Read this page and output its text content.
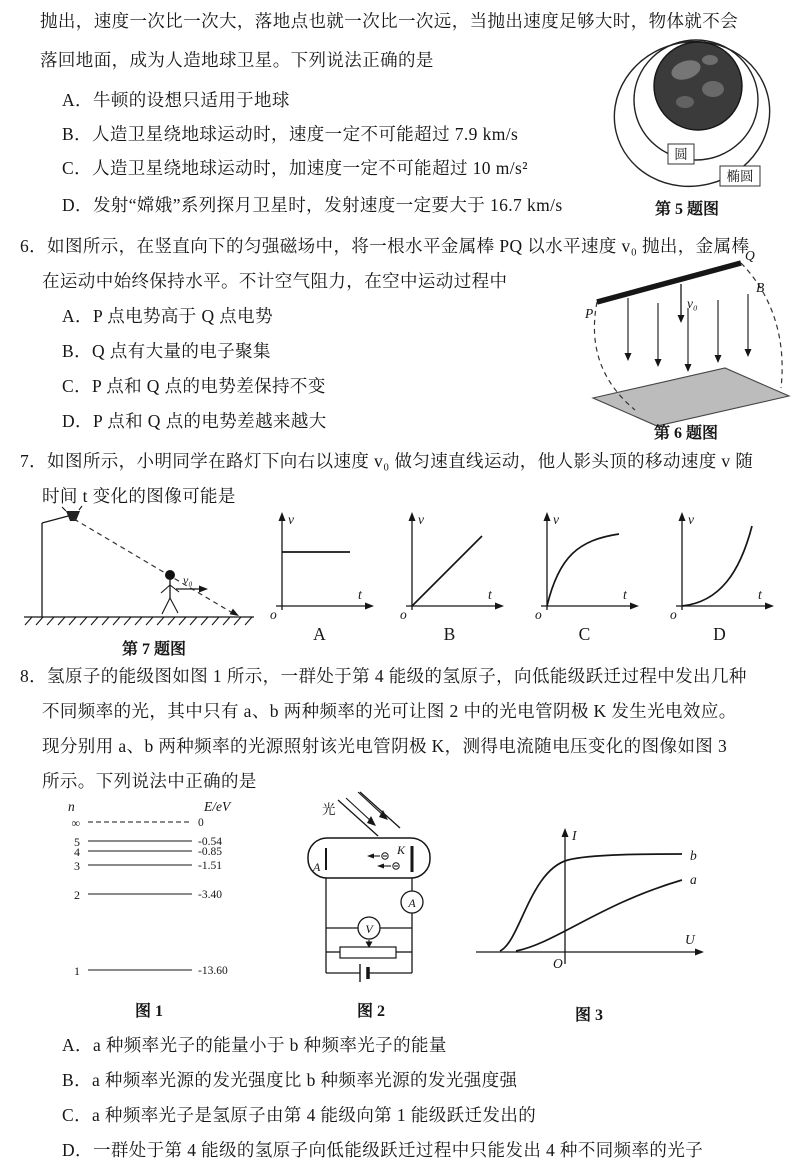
抛出，速度一次比一次大，落地点也就一次比一次远，当抛出速度足够大时，物体就不会
落回地面，成为人造地球卫星。下列说法正确的是
A．牛顿的设想只适用于地球
B．人造卫星绕地球运动时，速度一定不可能超过 7.9 km/s
C．人造卫星绕地球运动时，加速度一定不可能超过 10 m/s²
D．发射“嫦娥”系列探月卫星时，发射速度一定要大于 16.7 km/s
圆
椭圆
第 5 题图
6．如图所示，在竖直向下的匀强磁场中，将一根水平金属棒 PQ 以水平速度 v₀ 抛出，金属棒
在运动中始终保持水平。不计空气阻力，在空中运动过程中
A．P 点电势高于 Q 点电势
B．Q 点有大量的电子聚集
C．P 点和 Q 点的电势差保持不变
D．P 点和 Q 点的电势差越来越大
P
Q
v₀
B
第 6 题图
7．如图所示，小明同学在路灯下向右以速度 v₀ 做匀速直线运动，他人影头顶的移动速度 v 随
时间 t 变化的图像可能是
v₀
第 7 题图
v
t
o
v
t
o
v
t
o
v
t
o
A	B	C	D
8．氢原子的能级图如图 1 所示，一群处于第 4 能级的氢原子，向低能级跃迁过程中发出几种
不同频率的光，其中只有 a、b 两种频率的光可让图 2 中的光电管阴极 K 发生光电效应。
现分别用 a、b 两种频率的光源照射该光电管阴极 K，测得电流随电压变化的图像如图 3
所示。下列说法中正确的是
n	E/eV
∞	0
5	-0.54
4	-0.85
3	-1.51
2	-3.40
1	-13.60
图 1
光
K
A
A
V
图 2
I
U
O
b
a
图 3
A．a 种频率光子的能量小于 b 种频率光子的能量
B．a 种频率光源的发光强度比 b 种频率光源的发光强度强
C．a 种频率光子是氢原子由第 4 能级向第 1 能级跃迁发出的
D．一群处于第 4 能级的氢原子向低能级跃迁过程中只能发出 4 种不同频率的光子
